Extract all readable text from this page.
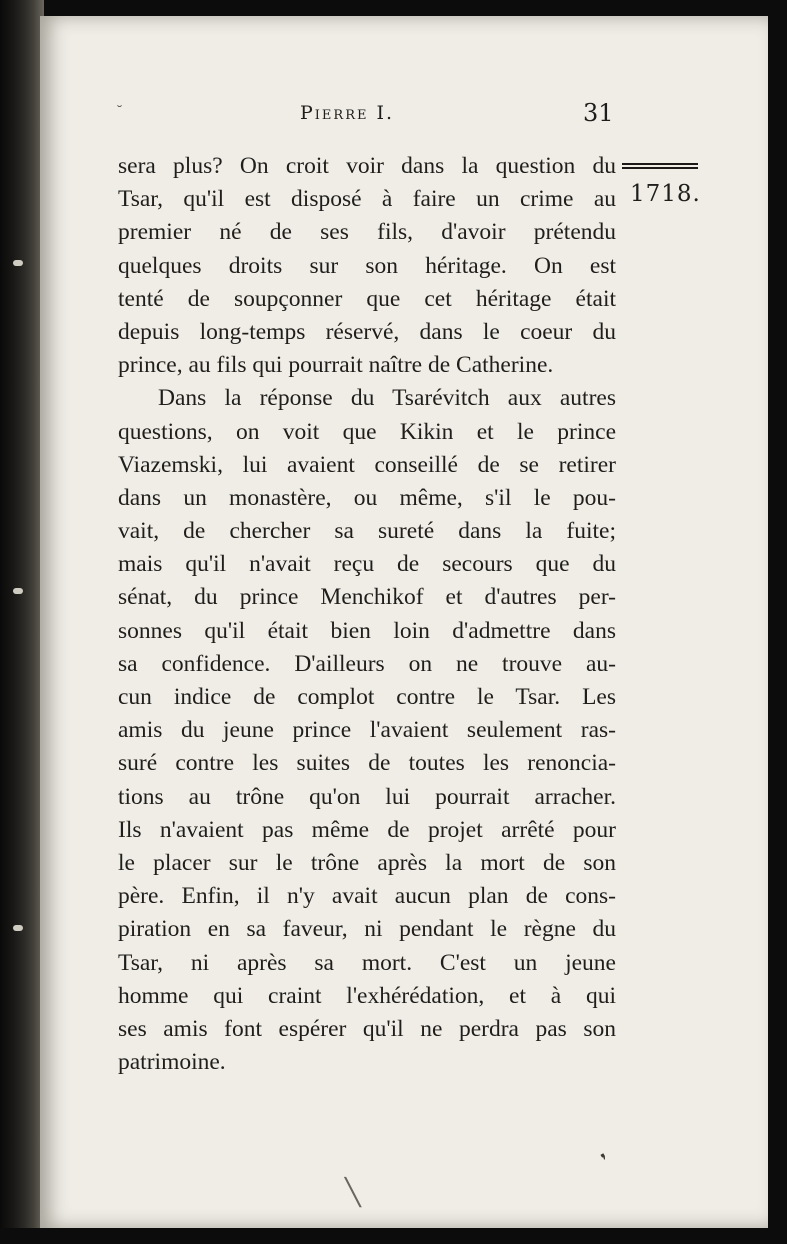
˘	Pierre I.	31
1718.
sera plus? On croit voir dans la question du
Tsar, qu'il est disposé à faire un crime au
premier né de ses fils, d'avoir prétendu
quelques droits sur son héritage. On est
tenté de soupçonner que cet héritage était
depuis long-temps réservé, dans le coeur du
prince, au fils qui pourrait naître de Catherine.
Dans la réponse du Tsarévitch aux autres
questions, on voit que Kikin et le prince
Viazemski, lui avaient conseillé de se retirer
dans un monastère, ou même, s'il le pou-
vait, de chercher sa sureté dans la fuite;
mais qu'il n'avait reçu de secours que du
sénat, du prince Menchikof et d'autres per-
sonnes qu'il était bien loin d'admettre dans
sa confidence. D'ailleurs on ne trouve au-
cun indice de complot contre le Tsar. Les
amis du jeune prince l'avaient seulement ras-
suré contre les suites de toutes les renoncia-
tions au trône qu'on lui pourrait arracher.
Ils n'avaient pas même de projet arrêté pour
le placer sur le trône après la mort de son
père. Enfin, il n'y avait aucun plan de cons-
piration en sa faveur, ni pendant le règne du
Tsar, ni après sa mort. C'est un jeune
homme qui craint l'exhérédation, et à qui
ses amis font espérer qu'il ne perdra pas son
patrimoine.
❜
╲
